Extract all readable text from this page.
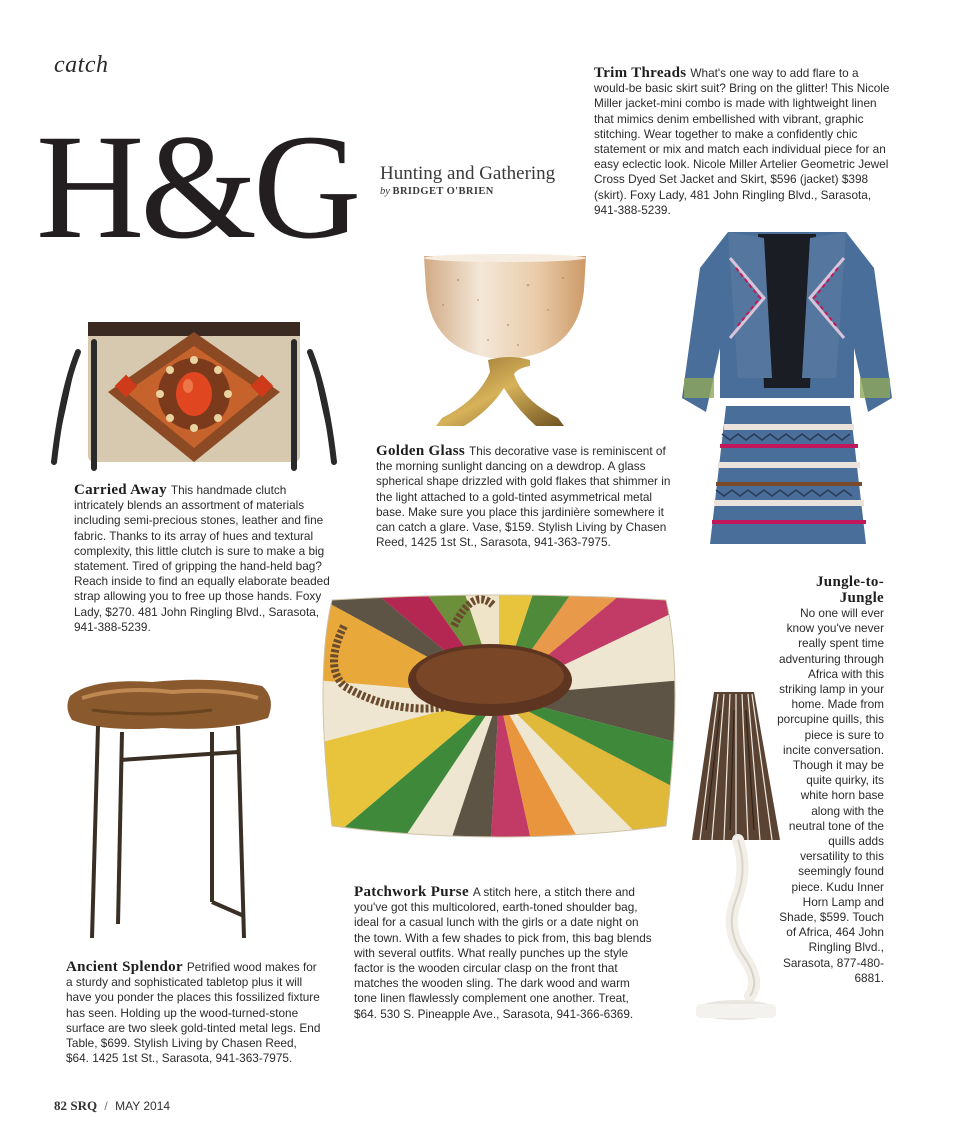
catch
H&G Hunting and Gathering
by BRIDGET O'BRIEN
Trim Threads What's one way to add flare to a would-be basic skirt suit? Bring on the glitter! This Nicole Miller jacket-mini combo is made with lightweight linen that mimics denim embellished with vibrant, graphic stitching. Wear together to make a confidently chic statement or mix and match each individual piece for an easy eclectic look. Nicole Miller Artelier Geometric Jewel Cross Dyed Set Jacket and Skirt, $596 (jacket) $398 (skirt). Foxy Lady, 481 John Ringling Blvd., Sarasota, 941-388-5239.
Golden Glass This decorative vase is reminiscent of the morning sunlight dancing on a dewdrop. A glass spherical shape drizzled with gold flakes that shimmer in the light attached to a gold-tinted asymmetrical metal base. Make sure you place this jardinière somewhere it can catch a glare. Vase, $159. Stylish Living by Chasen Reed, 1425 1st St., Sarasota, 941-363-7975.
Carried Away This handmade clutch intricately blends an assortment of materials including semi-precious stones, leather and fine fabric. Thanks to its array of hues and textural complexity, this little clutch is sure to make a big statement. Tired of gripping the hand-held bag? Reach inside to find an equally elaborate beaded strap allowing you to free up those hands. Foxy Lady, $270. 481 John Ringling Blvd., Sarasota, 941-388-5239.
Jungle-to-Jungle
No one will ever know you've never really spent time adventuring through Africa with this striking lamp in your home. Made from porcupine quills, this piece is sure to incite conversation. Though it may be quite quirky, its white horn base along with the neutral tone of the quills adds versatility to this seemingly found piece. Kudu Inner Horn Lamp and Shade, $599. Touch of Africa, 464 John Ringling Blvd., Sarasota, 877-480-6881.
Patchwork Purse A stitch here, a stitch there and you've got this multicolored, earth-toned shoulder bag, ideal for a casual lunch with the girls or a date night on the town. With a few shades to pick from, this bag blends with several outfits. What really punches up the style factor is the wooden circular clasp on the front that matches the wooden sling. The dark wood and warm tone linen flawlessly complement one another. Treat, $64. 530 S. Pineapple Ave., Sarasota, 941-366-6369.
Ancient Splendor Petrified wood makes for a sturdy and sophisticated tabletop plus it will have you ponder the places this fossilized fixture has seen. Holding up the wood-turned-stone surface are two sleek gold-tinted metal legs. End Table, $699. Stylish Living by Chasen Reed, $64. 1425 1st St., Sarasota, 941-363-7975.
82 SRQ / MAY 2014
